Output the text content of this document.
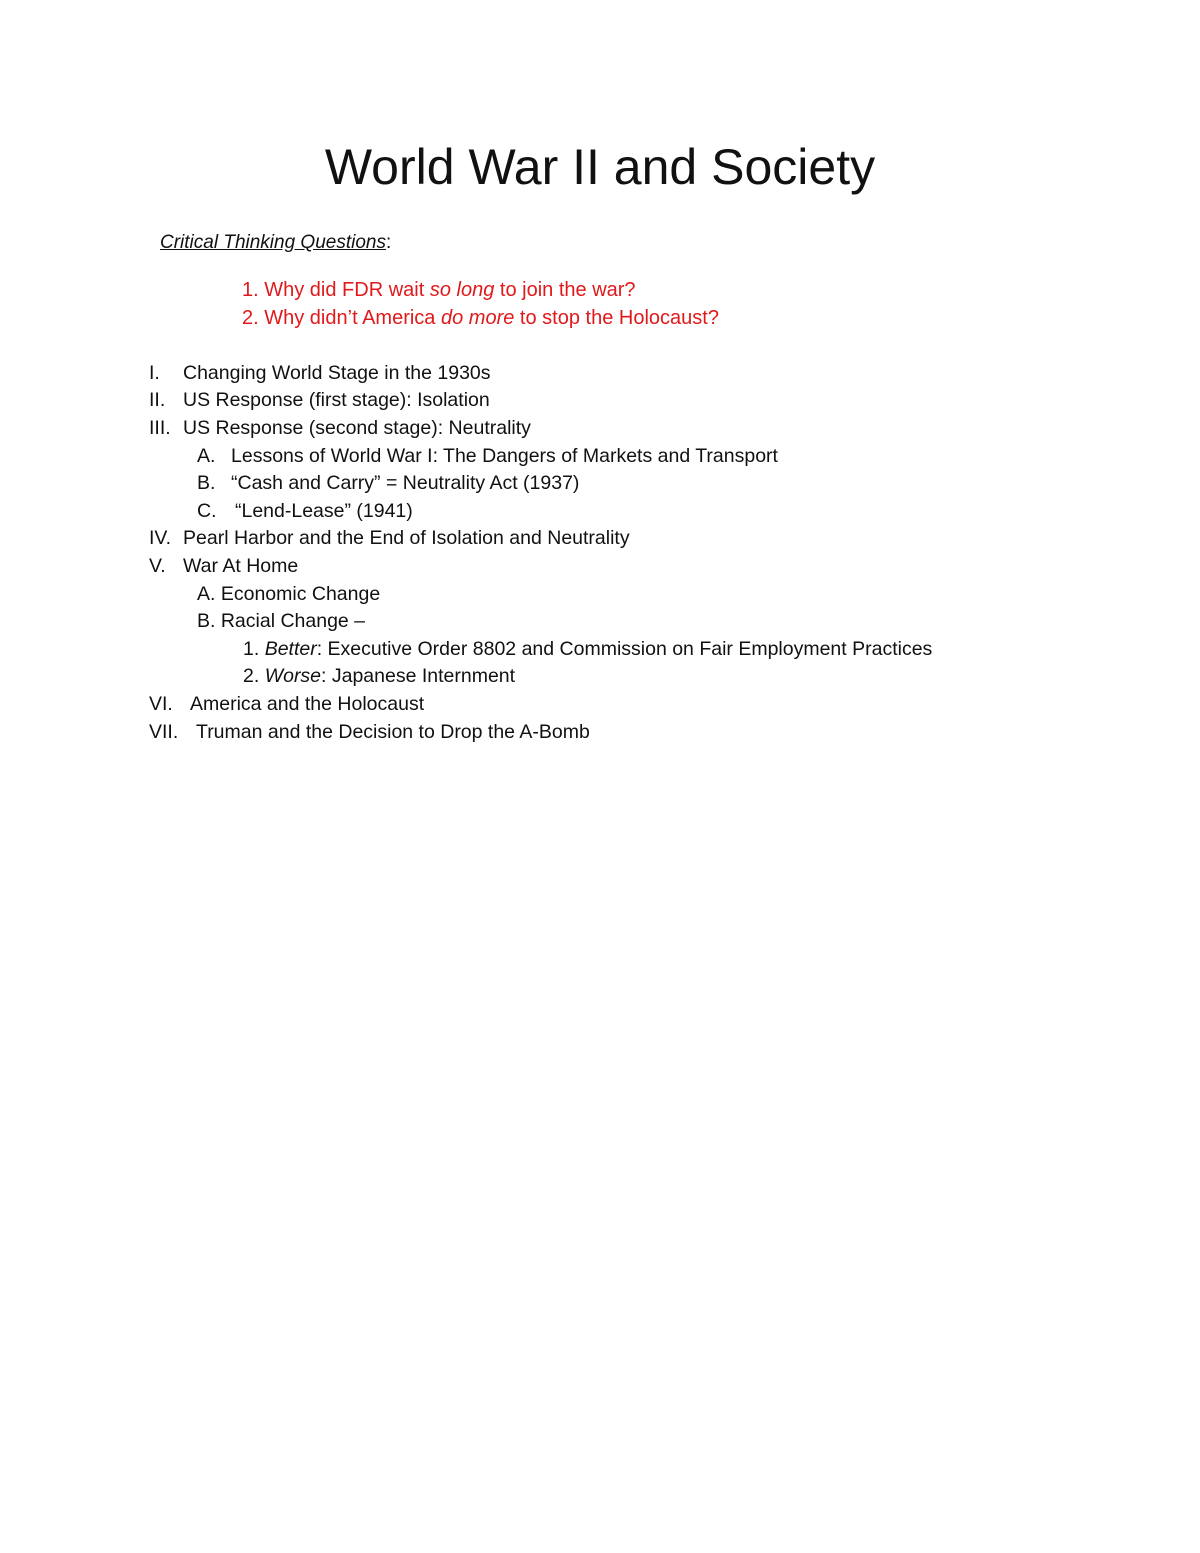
World War II and Society
Critical Thinking Questions:
1. Why did FDR wait so long to join the war?
2. Why didn’t America do more to stop the Holocaust?
I. Changing World Stage in the 1930s
II. US Response (first stage): Isolation
III. US Response (second stage): Neutrality
A. Lessons of World War I: The Dangers of Markets and Transport
B. “Cash and Carry” = Neutrality Act (1937)
C. “Lend-Lease” (1941)
IV. Pearl Harbor and the End of Isolation and Neutrality
V. War At Home
A. Economic Change
B. Racial Change –
1. Better: Executive Order 8802 and Commission on Fair Employment Practices
2. Worse: Japanese Internment
VI. America and the Holocaust
VII. Truman and the Decision to Drop the A-Bomb
